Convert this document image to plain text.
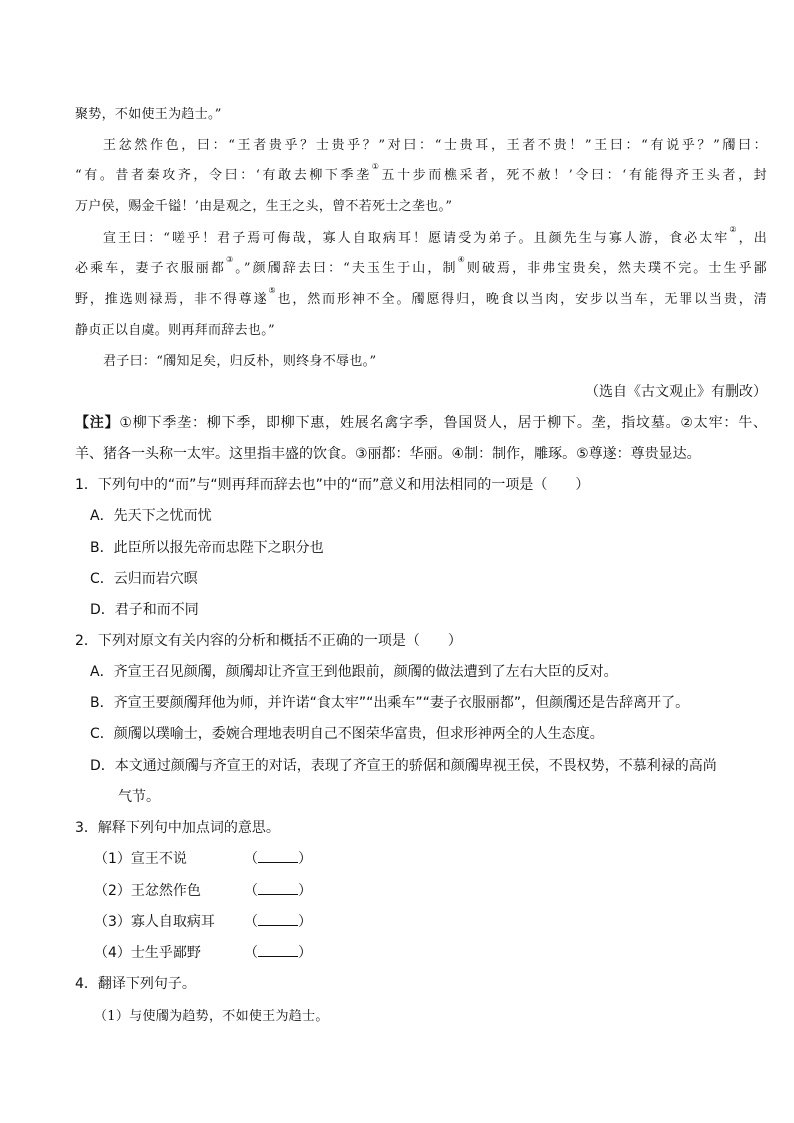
聚势，不如使王为趋士。”
王忿然作色，曰：“王者贵乎？士贵乎？”对曰：“士贵耳，王者不贵！”王曰：“有说乎？”斶曰：
“有。昔者秦攻齐，令曰：‘有敢去柳下季垄①五十步而樵采者，死不赦！’令曰：‘有能得齐王头者，封
万户侯，赐金千镒！’由是观之，生王之头，曾不若死士之垄也。”
宣王曰：“嗟乎！君子焉可侮哉，寡人自取病耳！愿请受为弟子。且颜先生与寡人游，食必太牢②，出
必乘车，妻子衣服丽都③。”颜斶辞去曰：“夫玉生于山，制④则破焉，非弗宝贵矣，然夫璞不完。士生乎鄙
野，推选则禄焉，非不得尊遂⑤也，然而形神不全。斶愿得归，晚食以当肉，安步以当车，无罪以当贵，清
静贞正以自虞。则再拜而辞去也。”
君子曰：“斶知足矣，归反朴，则终身不辱也。”
（选自《古文观止》有删改）
【注】①柳下季垄：柳下季，即柳下惠，姓展名禽字季，鲁国贤人，居于柳下。垄，指坟墓。②太牢：牛、
羊、猪各一头称一太牢。这里指丰盛的饮食。③丽都：华丽。④制：制作，雕琢。⑤尊遂：尊贵显达。
1．下列句中的“而”与“则再拜而辞去也”中的“而”意义和用法相同的一项是（　　）
A．先天下之忧而忧
B．此臣所以报先帝而忠陛下之职分也
C．云归而岩穴暝
D．君子和而不同
2．下列对原文有关内容的分析和概括不正确的一项是（　　）
A．齐宣王召见颜斶，颜斶却让齐宣王到他跟前，颜斶的做法遭到了左右大臣的反对。
B．齐宣王要颜斶拜他为师，并许诺“食太牢”“出乘车”“妻子衣服丽都”，但颜斶还是告辞离开了。
C．颜斶以璞喻士，委婉合理地表明自己不图荣华富贵，但求形神两全的人生态度。
D．本文通过颜斶与齐宣王的对话，表现了齐宣王的骄倨和颜斶卑视王侯，不畏权势，不慕利禄的高尚
气节。
3．解释下列句中加点词的意思。
（1）宣王不说	（	）
（2）王忿然作色	（	）
（3）寡人自取病耳 （	）
（4）士生乎鄙野	（	）
4．翻译下列句子。
（1）与使斶为趋势，不如使王为趋士。
